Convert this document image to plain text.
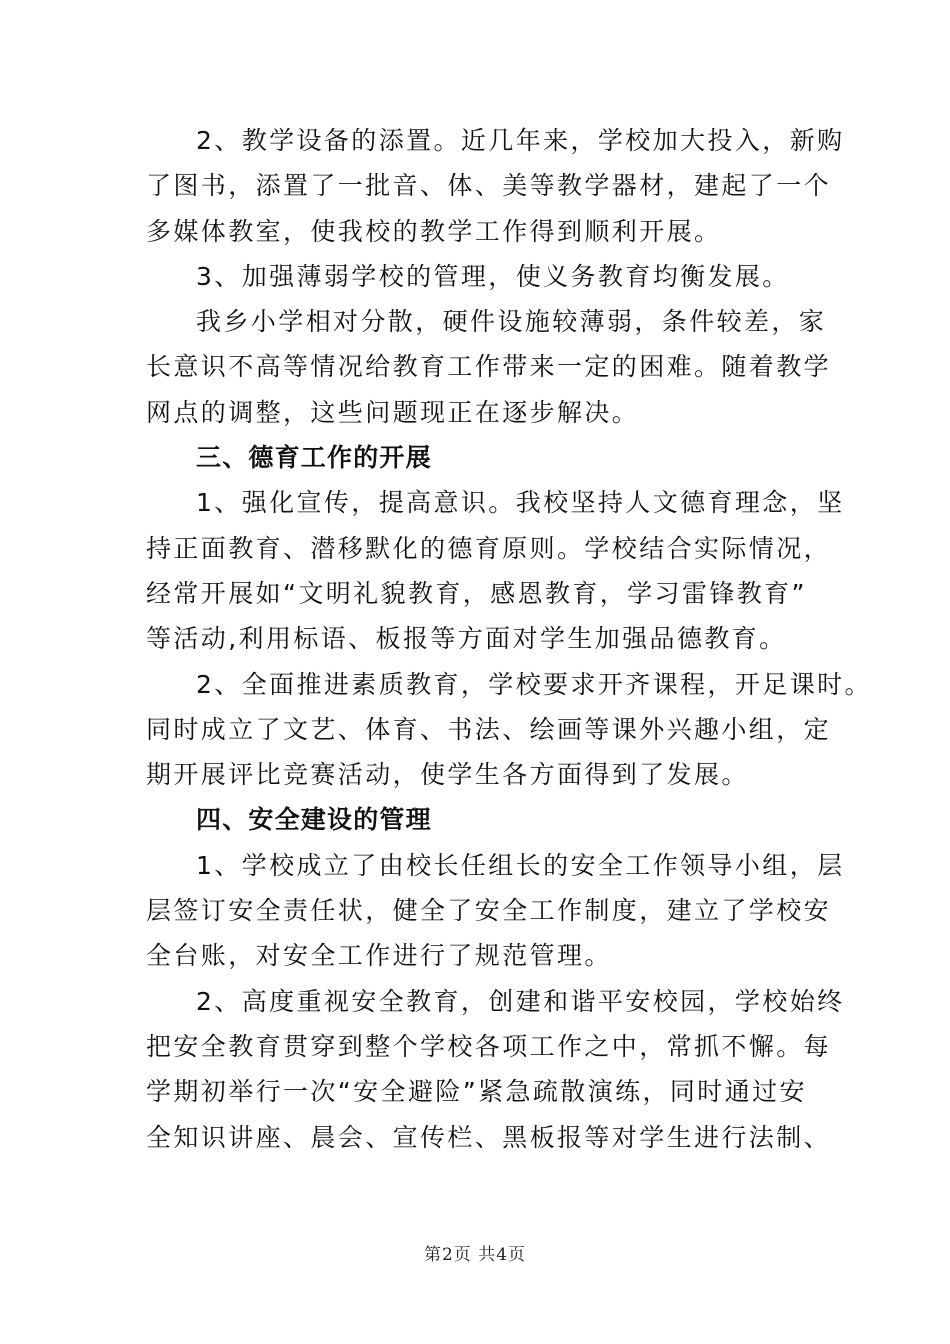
2、教学设备的添置。近几年来，学校加大投入，新购
了图书，添置了一批音、体、美等教学器材，建起了一个
多媒体教室，使我校的教学工作得到顺利开展。
3、加强薄弱学校的管理，使义务教育均衡发展。
我乡小学相对分散，硬件设施较薄弱，条件较差，家
长意识不高等情况给教育工作带来一定的困难。随着教学
网点的调整，这些问题现正在逐步解决。
三、德育工作的开展
1、强化宣传，提高意识。我校坚持人文德育理念，坚
持正面教育、潜移默化的德育原则。学校结合实际情况，
经常开展如“文明礼貌教育，感恩教育，学习雷锋教育”
等活动,利用标语、板报等方面对学生加强品德教育。
2、全面推进素质教育，学校要求开齐课程，开足课时。
同时成立了文艺、体育、书法、绘画等课外兴趣小组，定
期开展评比竞赛活动，使学生各方面得到了发展。
四、安全建设的管理
1、学校成立了由校长任组长的安全工作领导小组，层
层签订安全责任状，健全了安全工作制度，建立了学校安
全台账，对安全工作进行了规范管理。
2、高度重视安全教育，创建和谐平安校园，学校始终
把安全教育贯穿到整个学校各项工作之中，常抓不懈。每
学期初举行一次“安全避险”紧急疏散演练，同时通过安
全知识讲座、晨会、宣传栏、黑板报等对学生进行法制、
第2页 共4页
